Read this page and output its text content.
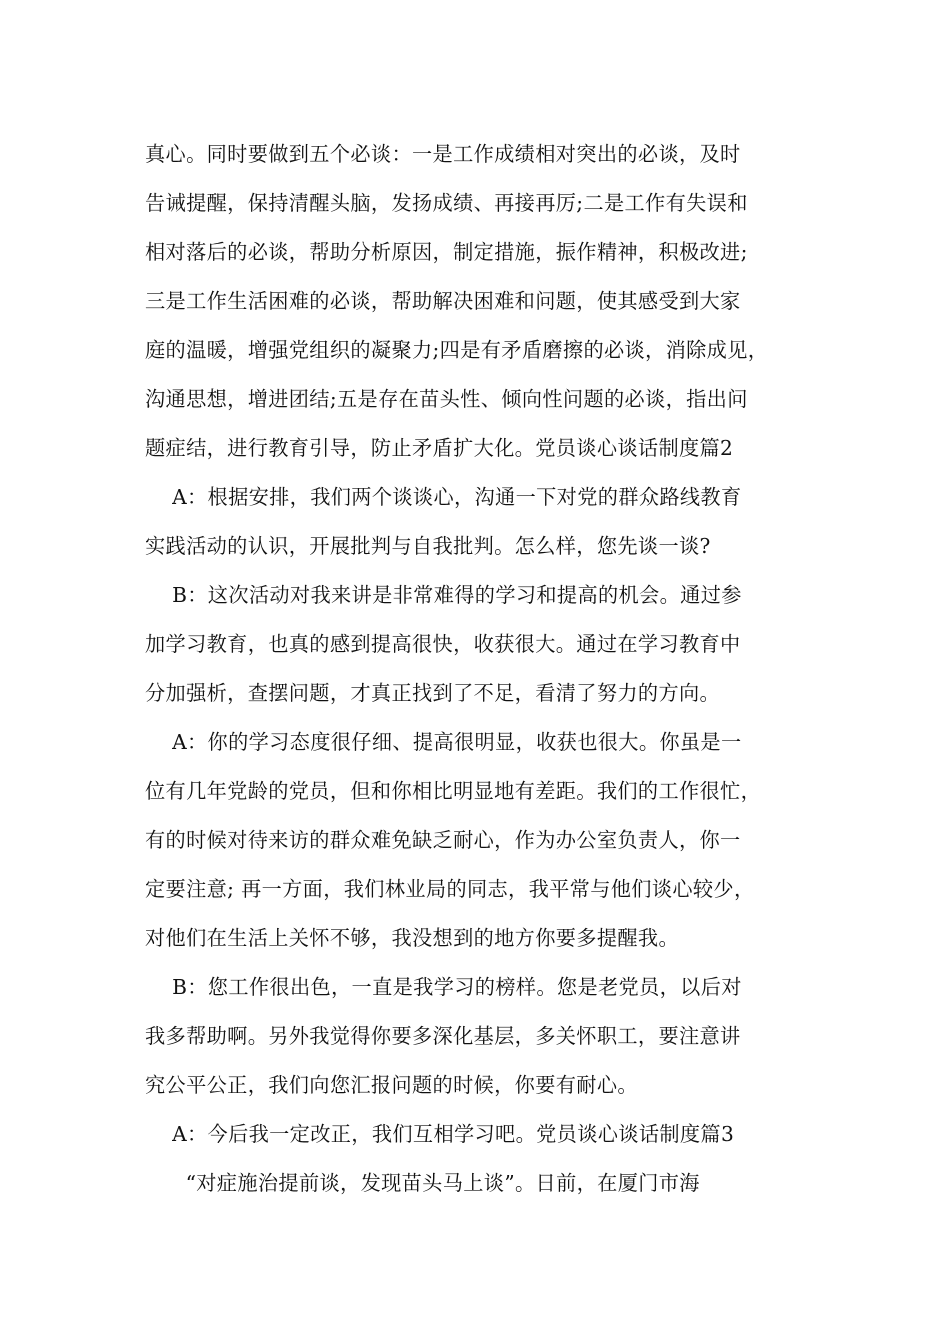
真心。同时要做到五个必谈：一是工作成绩相对突出的必谈，及时
告诫提醒，保持清醒头脑，发扬成绩、再接再厉;二是工作有失误和
相对落后的必谈，帮助分析原因，制定措施，振作精神，积极改进;
三是工作生活困难的必谈，帮助解决困难和问题，使其感受到大家
庭的温暖，增强党组织的凝聚力;四是有矛盾磨擦的必谈，消除成见，
沟通思想，增进团结;五是存在苗头性、倾向性问题的必谈，指出问
题症结，进行教育引导，防止矛盾扩大化。党员谈心谈话制度篇2
A：根据安排，我们两个谈谈心，沟通一下对党的群众路线教育
实践活动的认识，开展批判与自我批判。怎么样，您先谈一谈?
B：这次活动对我来讲是非常难得的学习和提高的机会。通过参
加学习教育，也真的感到提高很快，收获很大。通过在学习教育中
分加强析，查摆问题，才真正找到了不足，看清了努力的方向。
A：你的学习态度很仔细、提高很明显，收获也很大。你虽是一
位有几年党龄的党员，但和你相比明显地有差距。我们的工作很忙，
有的时候对待来访的群众难免缺乏耐心，作为办公室负责人，你一
定要注意; 再一方面，我们林业局的同志，我平常与他们谈心较少，
对他们在生活上关怀不够，我没想到的地方你要多提醒我。
B：您工作很出色，一直是我学习的榜样。您是老党员，以后对
我多帮助啊。另外我觉得你要多深化基层，多关怀职工，要注意讲
究公平公正，我们向您汇报问题的时候，你要有耐心。
A：今后我一定改正，我们互相学习吧。党员谈心谈话制度篇3
“对症施治提前谈，发现苗头马上谈”。日前，在厦门市海
